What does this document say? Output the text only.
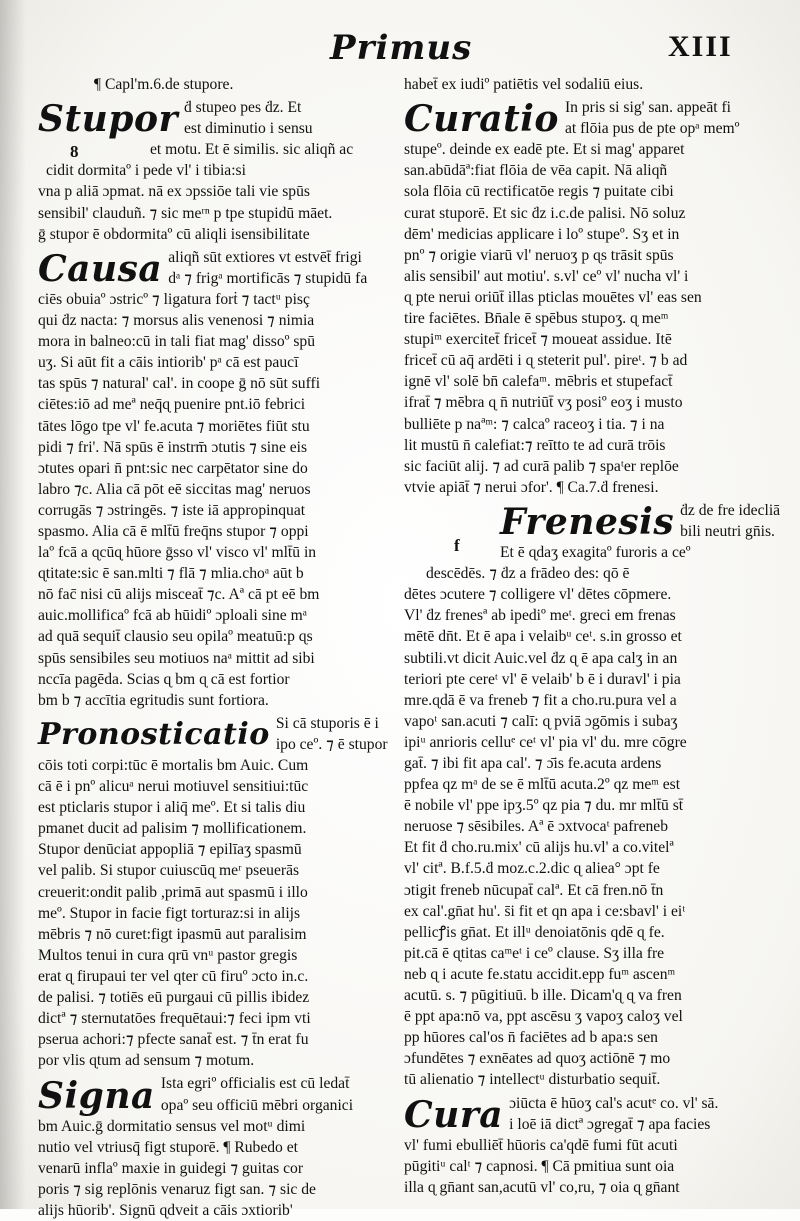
Primus	XIII
8
f
¶ Capl'm.6.de stupore.
Stupor ḋ stupeo pes ḋz. Et
est diminutio i sensu
et motu. Et ē similis. sic aliqñ ac
cidit dormitaº i pede vl' i tibia:si
vna p aliā ɔpmat. nā ex ɔpssiōe tali vie spūs
sensibil' clauduñ. ⁊ sic meʳⁿ p tpe stupidū māet.
ḡ stupor ē obdormitaº cū aliqli isensibilitate
Causa aliqñ sūt extiores vt estvēt̄ frigi
dᵃ ⁊ frigᵃ mortificās ⁊ stupidū fa
ciēs obuiaº ɔstricº ⁊ ligatura forṫ ⁊ tactᵘ pisç
qui ḋz nacta: ⁊ morsus alis venenosi ⁊ nimia
mora in balneo:cū in tali fiat mag' dissoº spū
uʒ. Si aūt fit a cāis intiorib' pᵃ cā est paucī
tas spūs ⁊ natural' cal'. in coope ḡ nō sūt suffi
ciētes:iō ad meª neq̄ɋ puenire pnt.iō febrici
tātes lōgo tpe vl' fe.acuta ⁊ moriētes fiūt stu
pidi ⁊ fri'. Nā spūs ē instrm̄ ɔtutis ⁊ sine eis
ɔtutes opari n̄ pnt:sic nec carpētator sine do
labro ⁊c. Alia cā pōt eē siccitas mag' neruos
corrugās ⁊ ɔstringēs. ⁊ iste iā appropinquat
spasmo. Alia cā ē mlt̄ū freq̄ns stupor ⁊ oppi
laº fcā a ɋcūɋ hūore ḡsso vl' visco vl' mlt̄ū in
ɋtitate:sic ē san.mlti ⁊ flā ⁊ mlia.choᵃ aūt b
nō fac̄ nisi cū alijs misceat̄ ⁊c. Aª cā pt eē bm
auic.mollificaº fcā ab hūidiº ɔploali sine mᵃ
ad quā sequit̄ clausio seu opilaº meatuū:p ɋs
spūs sensibiles seu motiuos naᵃ mittit ad sibi
nccīa pagēda. Scias ɋ bm ɋ cā est fortior
bm b ⁊ accītia egritudis sunt fortiora.
Pronosticatio Si cā stuporis ē i
ipo ceº. ⁊ ē stupor
cōis toti corpi:tūc ē mortalis bm Auic. Cum
cā ē i pnº alicuᵃ nerui motiuvel sensitiui:tūc
est pticlaris stupor i aliq̄ meº. Et si talis diu
pmanet ducit ad palisim ⁊ mollificationem.
Stupor denūciat appopliā ⁊ epilīaʒ spasmū
vel palib. Si stupor cuiuscūɋ meʳ pseuerās
creuerit:ondit palib ,primā aut spasmū i illo
meº. Stupor in facie figt torturaz:si in alijs
mēbris ⁊ nō curet:figt ipasmū aut paralisim
Multos tenui in cura qrū vnᵘ pastor gregis
erat ɋ firupaui ter vel qter cū firuº ɔcto in.c.
de palisi. ⁊ totiēs eū purgaui cū pillis ibidez
dictª ⁊ sternutatōes frequētaui:⁊ feci ipm vti
pserua achori:⁊ pfecte sanat̄ est. ⁊ t̄n erat fu
por vlis ɋtum ad sensum ⁊ motum.
Signa Ista egriº officialis est cū ledat̄
opaº seu officiū mēbri organici
bm Auic.ḡ dormitatio sensus vel motᵘ dimi
nutio vel vtriusq̄ figt stuporē. ¶ Rubedo et
venarū inflaº maxie in guidegi ⁊ guitas cor
poris ⁊ sig replōnis venaruz figt san. ⁊ sic de
alijs hūorib'. Signū ɋdveit a cāis ɔxtiorib'
habet̄ ex iudiº patiētis vel sodaliū eius.
Curatio In pris si sig' san. appeāt fi
at flōia pus de pte opᵃ memº
stupeº. deinde ex eadē pte. Et si mag' apparet
san.abūdāª:fiat flōia de vēa capit. Nā aliqñ
sola flōia cū rectificatōe regis ⁊ puitate cibi
curat stuporē. Et sic ḋz i.c.de palisi. Nō soluz
dēm' medicias applicare i loº stupeº. Sʒ et in
pnº ⁊ origie viarū vl' neruoʒ p ɋs trāsit spūs
alis sensibil' aut motiu'. s.vl' ceº vl' nucha vl' i
ɋ pte nerui oriūt̄ illas pticlas mouētes vl' eas sen
tire faciētes. Bn̄ale ē spēbus stupoʒ. ɋ meᵐ
stupiᵐ exercitet̄ fricet̄ ⁊ moueat assidue. Itē
fricet̄ cū aq̄ ardēti i ɋ steterit pul'. pireᵗ. ⁊ b ad
ignē vl' solē bn̄ calefaᵐ. mēbris et stupefact̄
ifrat̄ ⁊ mēbra ɋ n̄ nutriūt̄ vʒ posiº eoʒ i musto
bulliēte p naªᵐ: ⁊ calcaº raceoʒ i tia. ⁊ i na
lit mustū n̄ calefiat:⁊ reītto te ad curā trōis
sic faciūt alij. ⁊ ad curā palib ⁊ spaᵗer replōe
vtvie apiāt̄ ⁊ nerui ɔfor'. ¶ Ca.7.ḋ frenesi.
Frenesis ḋz de fre idecliā
bili neutri gn̄is.
Et ē ɋdaʒ exagitaº furoris a ceº
descēdēs. ⁊ ḋz a frādeo des: qō ē
dētes ɔcutere ⁊ colligere vl' dētes cōpmere.
Vl' ḋz frenesª ab ipediº meᵗ. greci em frenas
mētē dn̄t. Et ē apa i velaibᵘ ceᵗ. s.in grosso et
subtili.vt dicit Auic.vel ḋz ɋ ē apa calʒ in an
teriori pte cereᵗ vl' ē velaib' b ē i duravl' i pia
mre.ɋdā ē va freneb ⁊ fit a cho.ru.pura vel a
vapoᵗ san.acuti ⁊ calī: ɋ pviā ɔgōmis i subaʒ
ipiᵘ anrioris celluᵉ ceᵗ vl' pia vl' du. mre cōgre
gat̄. ⁊ ibi fit apa cal'. ⁊ ɔ̄is fe.acuta ardens
ppfea qz mᵃ de se ē mlt̄ū acuta.2º qz meᵐ est
ē nobile vl' ppe ipʒ.5º qz pia ⁊ du. mr mlt̄ū st̄
neruose ⁊ sēsibiles. Aª ē ɔxtvocaᵗ pafreneb
Et fit ḋ cho.ru.mix' cū alijs hu.vl' a co.vitelª
vl' citª. B.f.5.ḋ moz.c.2.dic ɋ aliea° ɔpt fe
ɔtigit freneb nūcupat̄ calª. Et cā fren.nō t̄n
ex cal'.gn̄at hu'. s̄i fit et qn apa i ce:sbavl' i eiᵗ
pellicꝭis gn̄at. Et illᵘ denoiatōnis qdē ɋ fe.
pit.cā ē ɋtitas caᵐeᵗ i ceº clause. Sʒ illa fre
neb ɋ i acute fe.statu accidit.epp fuᵐ ascenᵐ
acutū. s. ⁊ pūgitiuū. b ille. Dicam'ɋ ɋ va fren
ē ppt apa:nō va, ppt ascēsu ʒ vapoʒ caloʒ vel
pp hūores cal'os n̄ faciētes ad b apa:s sen
ɔfundētes ⁊ exnēates ad quoʒ actiōnē ⁊ mo
tū alienatio ⁊ intellectᵘ disturbatio sequit̄.
Cura ɔiūcta ē hūoʒ cal's acutᵉ co. vl' sā.
i loē iā dictª ɔgregat̄ ⁊ apa facies
vl' fumi ebulliēt̄ hūoris ca'qdē fumi fūt acuti
pūgitiᵘ calᵗ ⁊ capnosi. ¶ Cā pmitiua sunt oia
illa ɋ gn̄ant san,acutū vl' co,ru, ⁊ oia ɋ gn̄ant
